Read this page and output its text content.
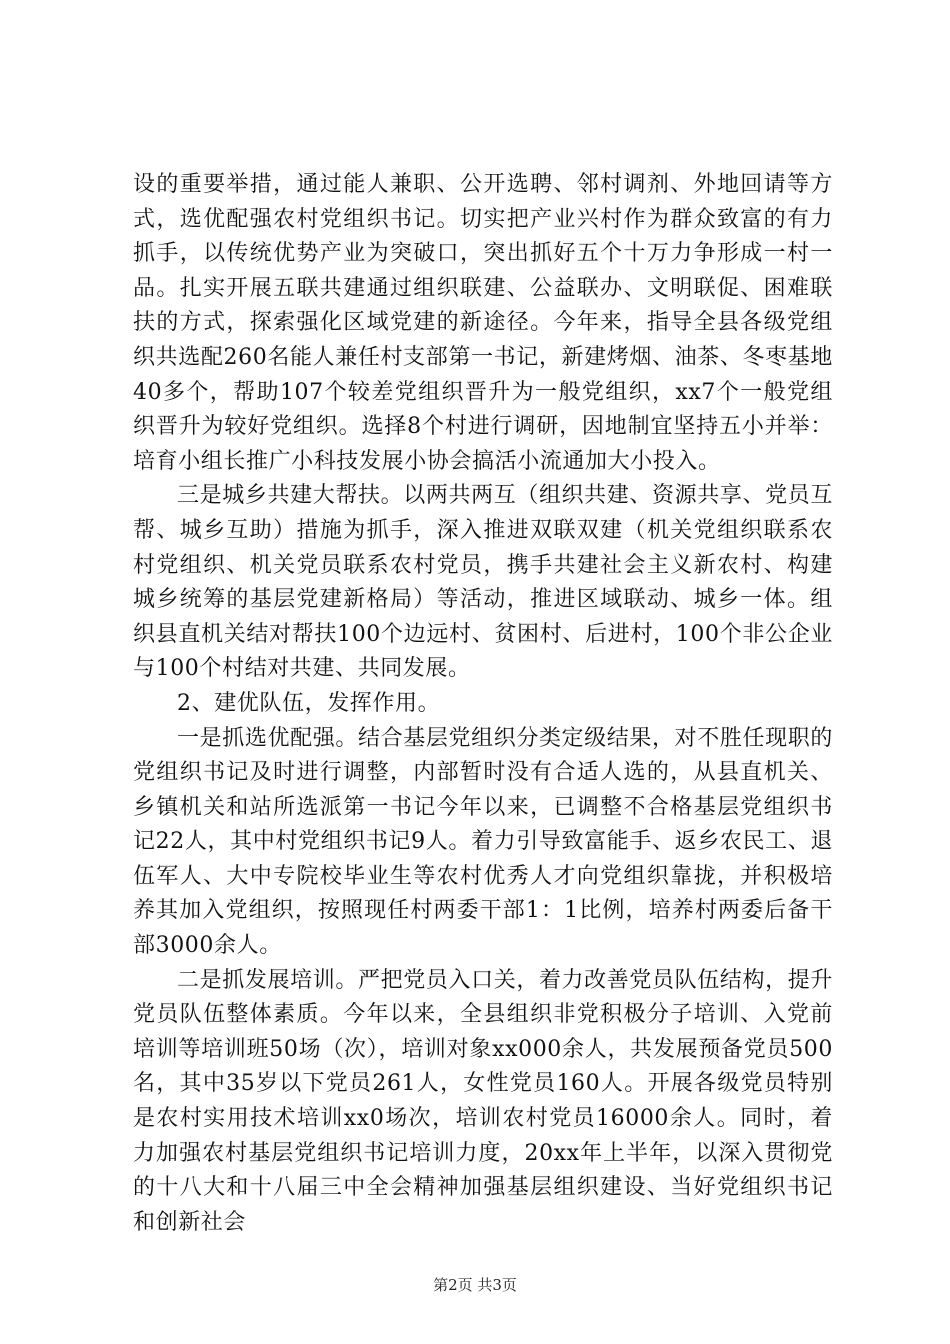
设的重要举措，通过能人兼职、公开选聘、邻村调剂、外地回请等方式，选优配强农村党组织书记。切实把产业兴村作为群众致富的有力抓手，以传统优势产业为突破口，突出抓好五个十万力争形成一村一品。扎实开展五联共建通过组织联建、公益联办、文明联促、困难联扶的方式，探索强化区域党建的新途径。今年来，指导全县各级党组织共选配260名能人兼任村支部第一书记，新建烤烟、油茶、冬枣基地40多个，帮助107个较差党组织晋升为一般党组织，xx7个一般党组织晋升为较好党组织。选择8个村进行调研，因地制宜坚持五小并举：培育小组长推广小科技发展小协会搞活小流通加大小投入。

三是城乡共建大帮扶。以两共两互（组织共建、资源共享、党员互帮、城乡互助）措施为抓手，深入推进双联双建（机关党组织联系农村党组织、机关党员联系农村党员，携手共建社会主义新农村、构建城乡统筹的基层党建新格局）等活动，推进区域联动、城乡一体。组织县直机关结对帮扶100个边远村、贫困村、后进村，100个非公企业与100个村结对共建、共同发展。

2、建优队伍，发挥作用。

一是抓选优配强。结合基层党组织分类定级结果，对不胜任现职的党组织书记及时进行调整，内部暂时没有合适人选的，从县直机关、乡镇机关和站所选派第一书记今年以来，已调整不合格基层党组织书记22人，其中村党组织书记9人。着力引导致富能手、返乡农民工、退伍军人、大中专院校毕业生等农村优秀人才向党组织靠拢，并积极培养其加入党组织，按照现任村两委干部1：1比例，培养村两委后备干部3000余人。

二是抓发展培训。严把党员入口关，着力改善党员队伍结构，提升党员队伍整体素质。今年以来，全县组织非党积极分子培训、入党前培训等培训班50场（次），培训对象xx000余人，共发展预备党员500名，其中35岁以下党员261人，女性党员160人。开展各级党员特别是农村实用技术培训xx0场次，培训农村党员16000余人。同时，着力加强农村基层党组织书记培训力度，20xx年上半年，以深入贯彻党的十八大和十八届三中全会精神加强基层组织建设、当好党组织书记和创新社会

第2页 共3页
